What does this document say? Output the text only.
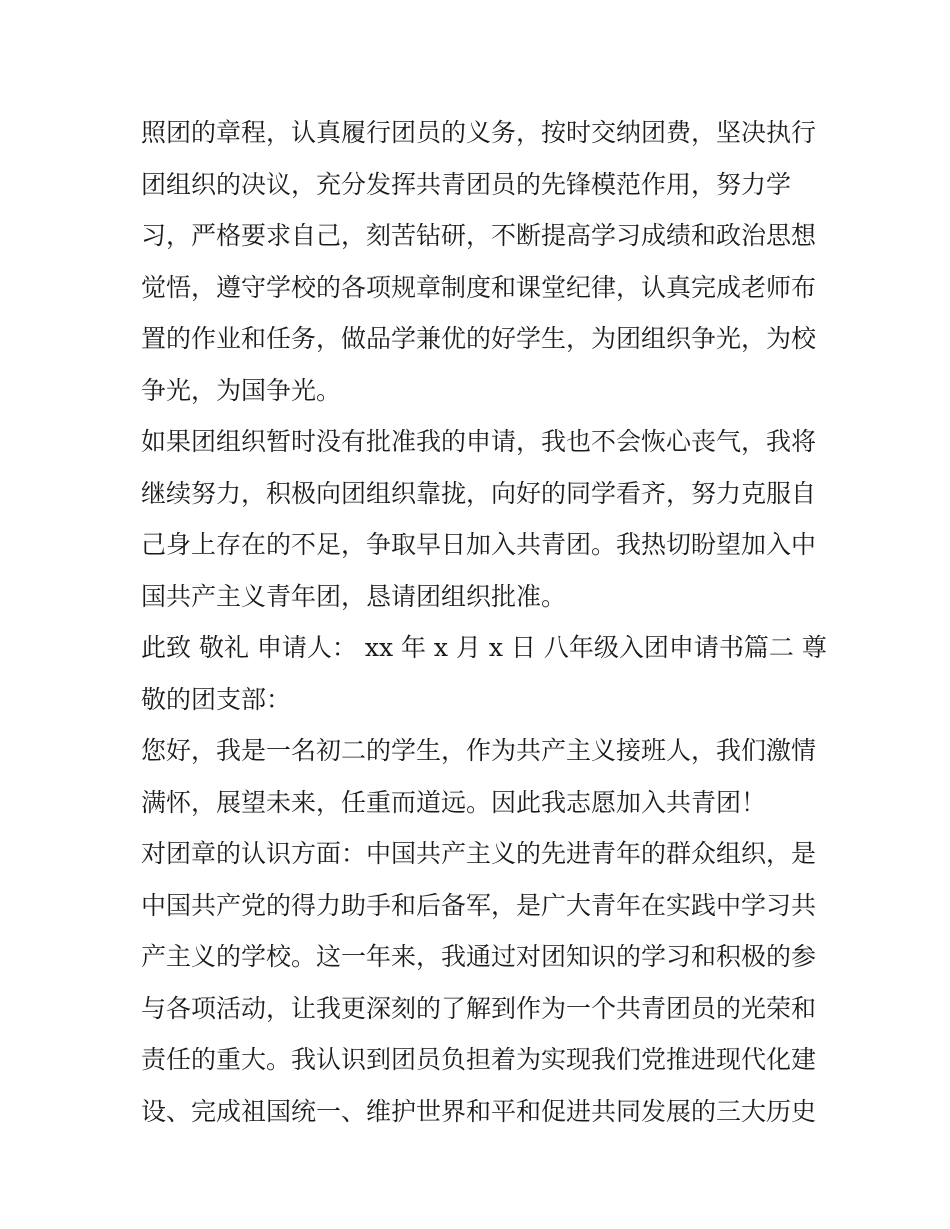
照团的章程，认真履行团员的义务，按时交纳团费，坚决执行
团组织的决议，充分发挥共青团员的先锋模范作用，努力学
习，严格要求自己，刻苦钻研，不断提高学习成绩和政治思想
觉悟，遵守学校的各项规章制度和课堂纪律，认真完成老师布
置的作业和任务，做品学兼优的好学生，为团组织争光，为校
争光，为国争光。
如果团组织暂时没有批准我的申请，我也不会恢心丧气，我将
继续努力，积极向团组织靠拢，向好的同学看齐，努力克服自
己身上存在的不足，争取早日加入共青团。我热切盼望加入中
国共产主义青年团，恳请团组织批准。
此致 敬礼 申请人： xx 年 x 月 x 日 八年级入团申请书篇二 尊
敬的团支部：
您好，我是一名初二的学生，作为共产主义接班人，我们激情
满怀，展望未来，任重而道远。因此我志愿加入共青团！
对团章的认识方面：中国共产主义的先进青年的群众组织，是
中国共产党的得力助手和后备军，是广大青年在实践中学习共
产主义的学校。这一年来，我通过对团知识的学习和积极的参
与各项活动，让我更深刻的了解到作为一个共青团员的光荣和
责任的重大。我认识到团员负担着为实现我们党推进现代化建
设、完成祖国统一、维护世界和平和促进共同发展的三大历史
